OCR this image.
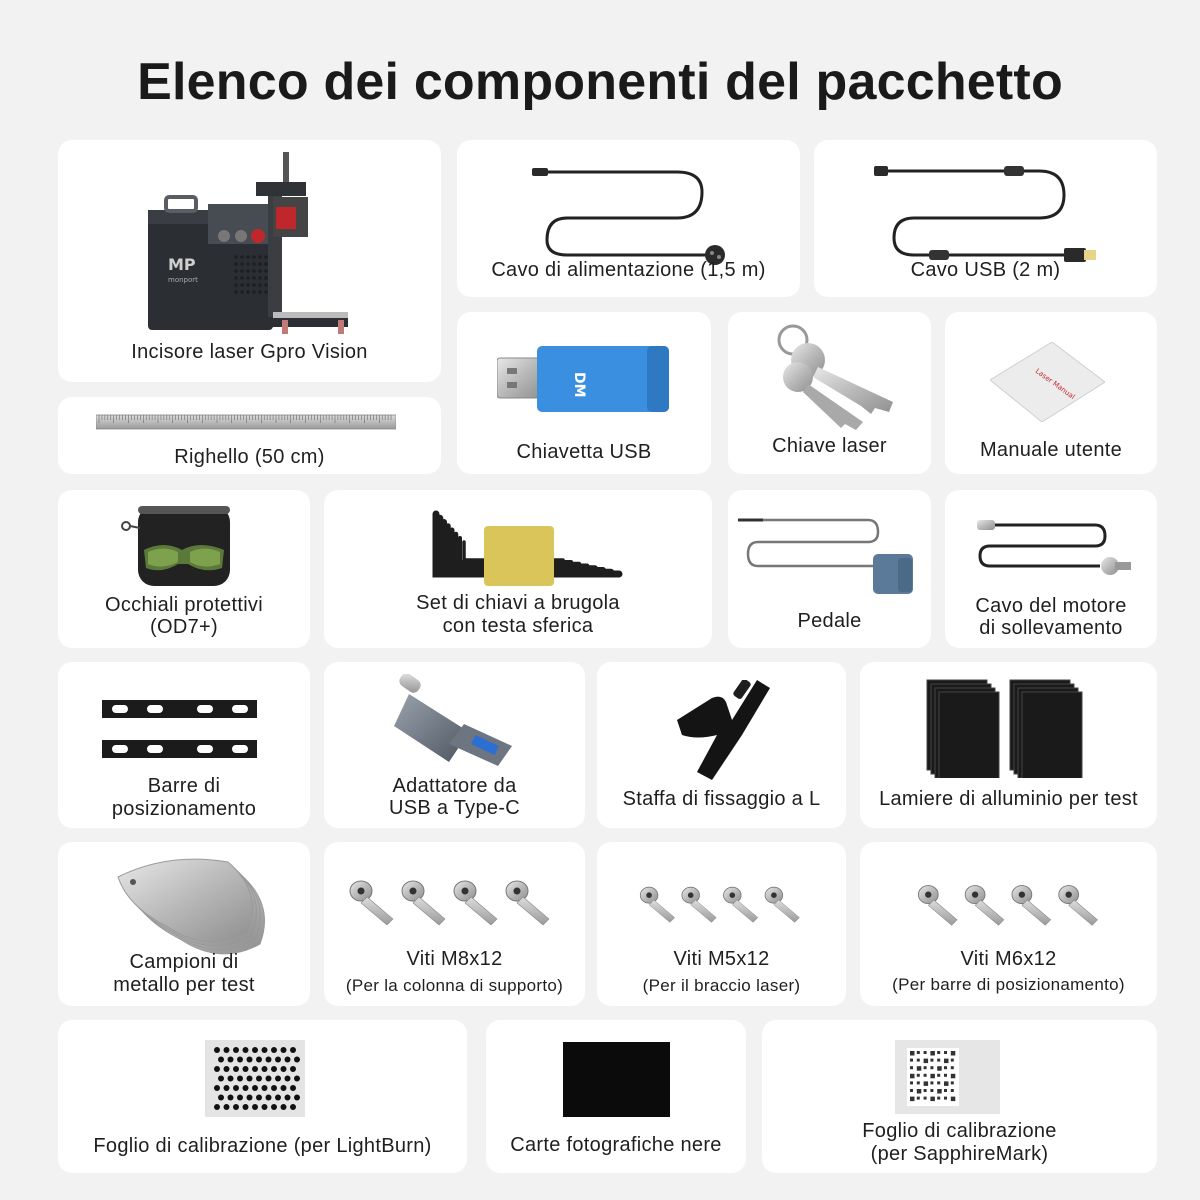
Elenco dei componenti del pacchetto
MP
monport
Incisore laser Gpro Vision
Cavo di alimentazione (1,5 m)	Cavo USB (2 m)
Righello (50 cm)
DM
Chiavetta USB	Chiave laser
Laser Manual
Manuale utente
Occhiali protettivi
(OD7+)
Set di chiavi a brugola
con testa sferica	Pedale
Cavo del motore
di sollevamento
Barre di
posizionamento
Adattatore da
USB a Type-C	Staffa di fissaggio a L	Lamiere di alluminio per test
Campioni di
metallo per test
Viti M8x12
(Per la colonna di supporto)
Viti M5x12
(Per il braccio laser)
Viti M6x12
(Per barre di posizionamento)
Foglio di calibrazione (per LightBurn)	Carte fotografiche nere
Foglio di calibrazione
(per SapphireMark)
